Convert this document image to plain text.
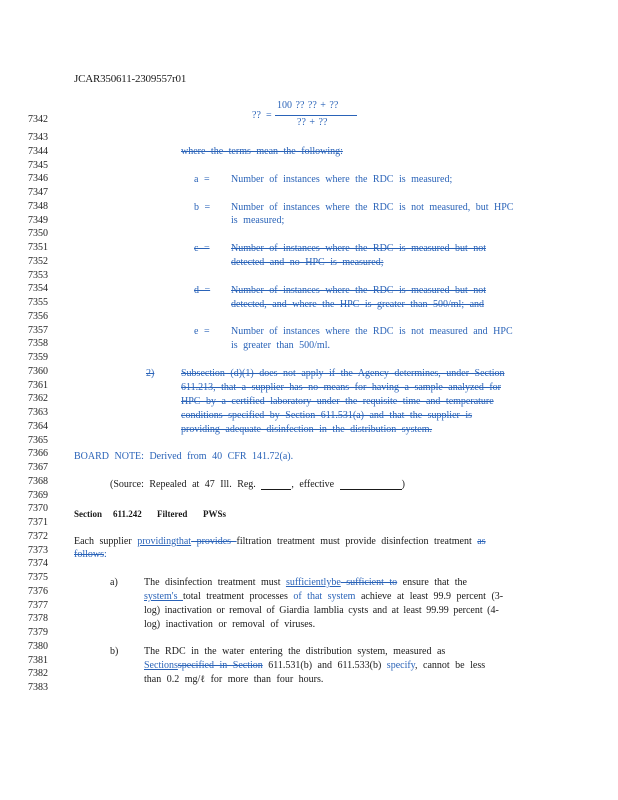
JCAR350611-2309557r01
7342
7343
7344
7345
7346
7347
7348
7349
7350
7351
7352
7353
7354
7355
7356
7357
7358
7359
7360
7361
7362
7363
7364
7365
7366
7367
7368
7369
7370
7371
7372
7373
7374
7375
7376
7377
7378
7379
7380
7381
7382
7383
?? =
100 ?? ?? + ??
?? + ??
where the terms mean the following:
a = Number of instances where the RDC is measured;
b = Number of instances where the RDC is not measured, but HPC
is measured;
c = Number of instances where the RDC is measured but not
detected and no HPC is measured;
d = Number of instances where the RDC is measured but not
detected, and where the HPC is greater than 500/ml; and
e = Number of instances where the RDC is not measured and HPC
is greater than 500/ml.
2)	Subsection (d)(1) does not apply if the Agency determines, under Section
611.213, that a supplier has no means for having a sample analyzed for
HPC by a certified laboratory under the requisite time and temperature
conditions specified by Section 611.531(a) and that the supplier is
providing adequate disinfection in the distribution system.
BOARD NOTE: Derived from 40 CFR 141.72(a).
(Source: Repealed at 47 Ill. Reg.	, effective	)
Section 611.242 Filtered PWSs
Each supplier providingthat provides filtration treatment must provide disinfection treatment as
follows:
a)	The disinfection treatment must sufficientlybe sufficient to ensure that the
system's total treatment processes of that system achieve at least 99.9 percent (3-
log) inactivation or removal of Giardia lamblia cysts and at least 99.99 percent (4-
log) inactivation or removal of viruses.
b)	The RDC in the water entering the distribution system, measured as
Sectionsspecified in Section 611.531(b) and 611.533(b) specify, cannot be less
than 0.2 mg/ℓ for more than four hours.
